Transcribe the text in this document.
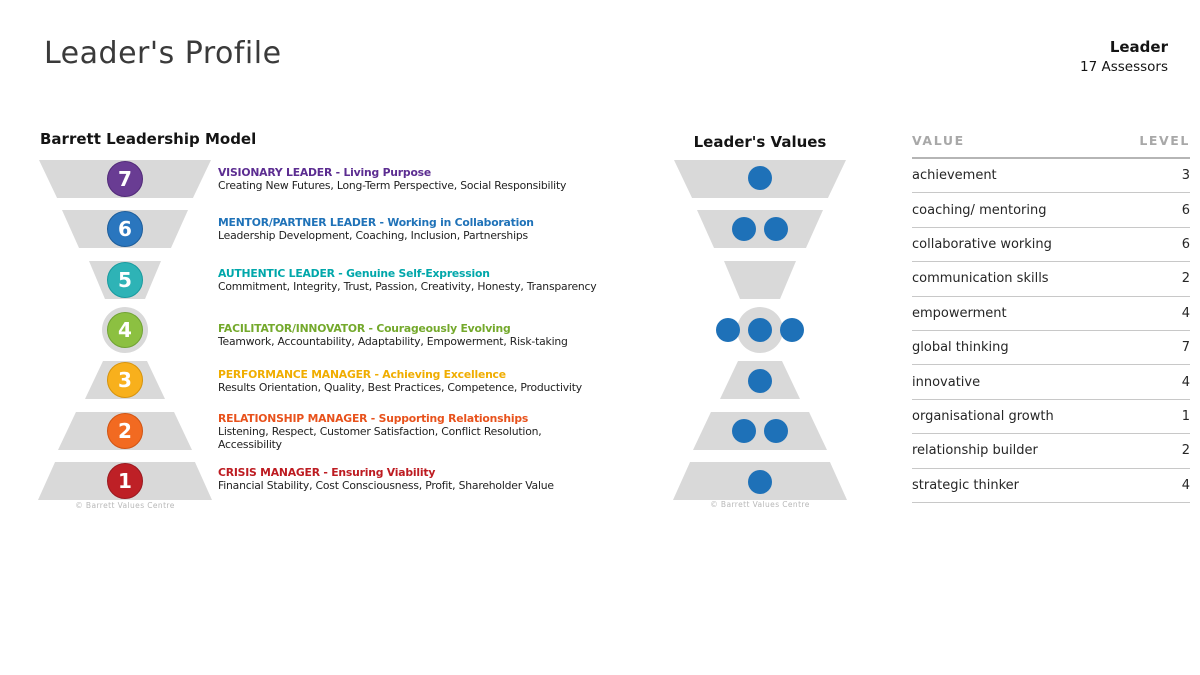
Leader's Profile	Leader
17 Assessors
Barrett Leadership Model
7
6
5
4
3
2
1
VISIONARY LEADER - Living Purpose
Creating New Futures, Long-Term Perspective, Social Responsibility
MENTOR/PARTNER LEADER - Working in Collaboration
Leadership Development, Coaching, Inclusion, Partnerships
AUTHENTIC LEADER - Genuine Self-Expression
Commitment, Integrity, Trust, Passion, Creativity, Honesty, Transparency
FACILITATOR/INNOVATOR - Courageously Evolving
Teamwork, Accountability, Adaptability, Empowerment, Risk-taking
PERFORMANCE MANAGER - Achieving Excellence
Results Orientation, Quality, Best Practices, Competence, Productivity
RELATIONSHIP MANAGER - Supporting Relationships
Listening, Respect, Customer Satisfaction, Conflict Resolution, Accessibility
CRISIS MANAGER - Ensuring Viability
Financial Stability, Cost Consciousness, Profit, Shareholder Value
© Barrett Values Centre
Leader's Values
© Barrett Values Centre
VALUE	LEVEL
achievement	3
coaching/ mentoring	6
collaborative working	6
communication skills	2
empowerment	4
global thinking	7
innovative	4
organisational growth	1
relationship builder	2
strategic thinker	4
